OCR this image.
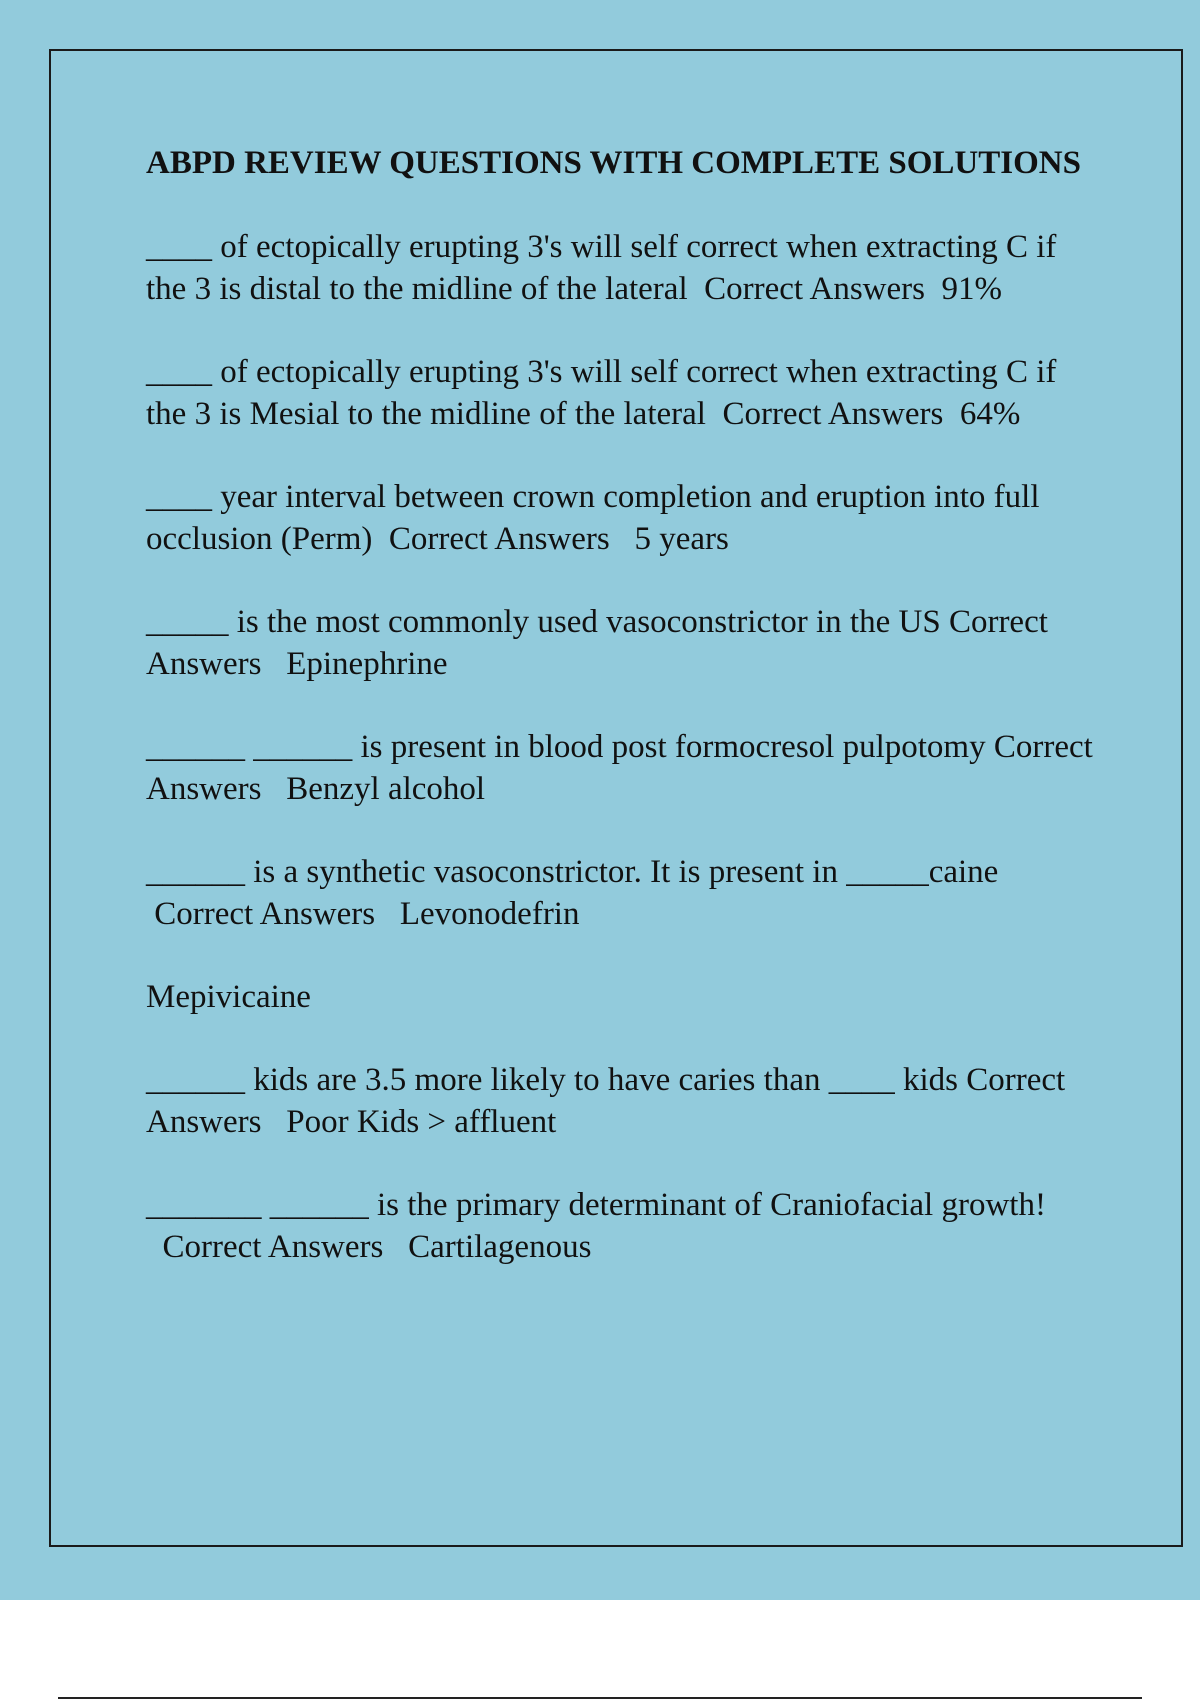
ABPD REVIEW QUESTIONS WITH COMPLETE SOLUTIONS
____ of ectopically erupting 3's will self correct when extracting C if the 3 is distal to the midline of the lateral Correct Answers 91%
____ of ectopically erupting 3's will self correct when extracting C if the 3 is Mesial to the midline of the lateral Correct Answers 64%
____ year interval between crown completion and eruption into full occlusion (Perm) Correct Answers 5 years
_____ is the most commonly used vasoconstrictor in the US Correct Answers Epinephrine
______ ______ is present in blood post formocresol pulpotomy Correct Answers Benzyl alcohol
______ is a synthetic vasoconstrictor. It is present in _____caine Correct Answers Levonodefrin
Mepivicaine
______ kids are 3.5 more likely to have caries than ____ kids Correct Answers Poor Kids > affluent
_______ ______ is the primary determinant of Craniofacial growth!  Correct Answers Cartilagenous
